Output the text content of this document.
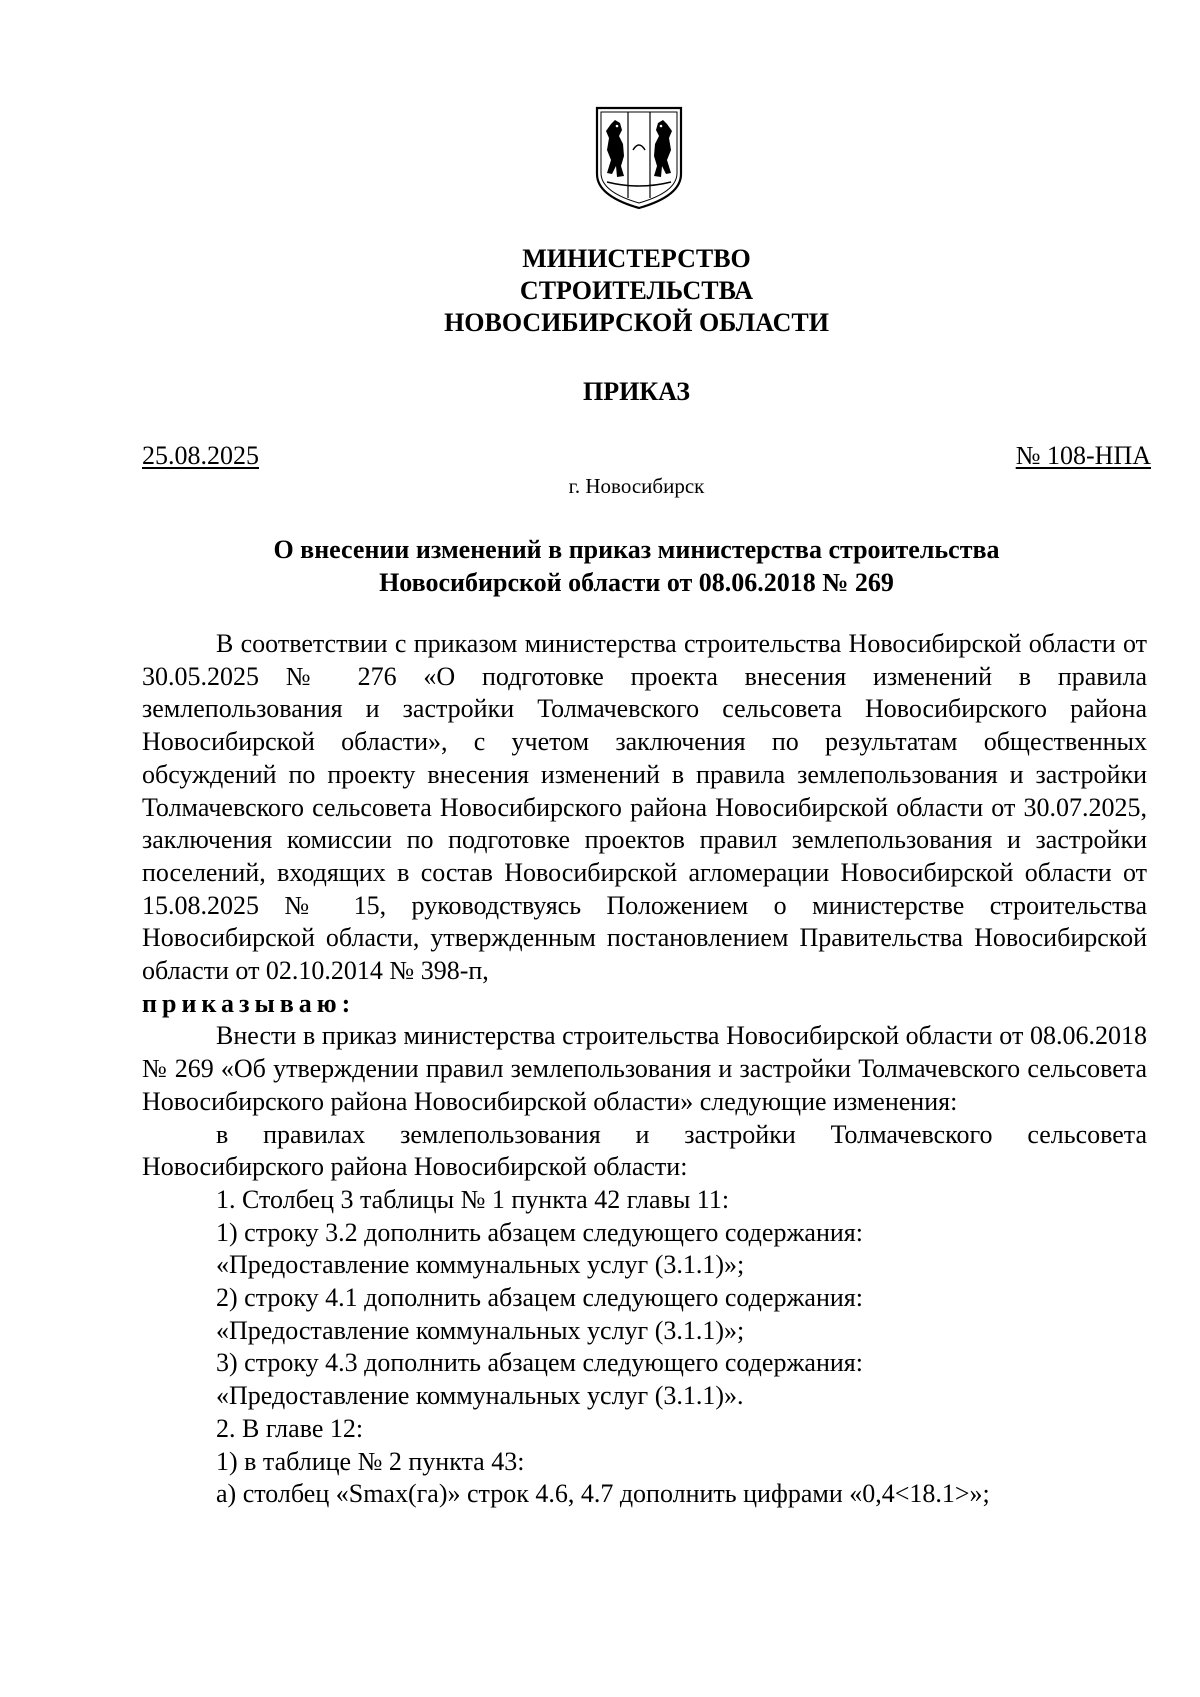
МИНИСТЕРСТВО
СТРОИТЕЛЬСТВА
НОВОСИБИРСКОЙ ОБЛАСТИ
ПРИКАЗ
25.08.2025	№ 108-НПА
г. Новосибирск
О внесении изменений в приказ министерства строительства
Новосибирской области от 08.06.2018 № 269

В соответствии с приказом министерства строительства Новосибирской области от 30.05.2025 № 276 «О подготовке проекта внесения изменений в правила землепользования и застройки Толмачевского сельсовета Новосибирского района Новосибирской области», с учетом заключения по результатам общественных обсуждений по проекту внесения изменений в правила землепользования и застройки Толмачевского сельсовета Новосибирского района Новосибирской области от 30.07.2025, заключения комиссии по подготовке проектов правил землепользования и застройки поселений, входящих в состав Новосибирской агломерации Новосибирской области от 15.08.2025 № 15, руководствуясь Положением о министерстве строительства Новосибирской области, утвержденным постановлением Правительства Новосибирской области от 02.10.2014 № 398-п,

приказываю:

Внести в приказ министерства строительства Новосибирской области от 08.06.2018 № 269 «Об утверждении правил землепользования и застройки Толмачевского сельсовета Новосибирского района Новосибирской области» следующие изменения:

в правилах землепользования и застройки Толмачевского сельсовета Новосибирского района Новосибирской области:

1. Столбец 3 таблицы № 1 пункта 42 главы 11:

1) строку 3.2 дополнить абзацем следующего содержания:

«Предоставление коммунальных услуг (3.1.1)»;

2) строку 4.1 дополнить абзацем следующего содержания:

«Предоставление коммунальных услуг (3.1.1)»;

3) строку 4.3 дополнить абзацем следующего содержания:

«Предоставление коммунальных услуг (3.1.1)».

2. В главе 12:

1) в таблице № 2 пункта 43:

а) столбец «Smax(га)» строк 4.6, 4.7 дополнить цифрами «0,4<18.1>»;
